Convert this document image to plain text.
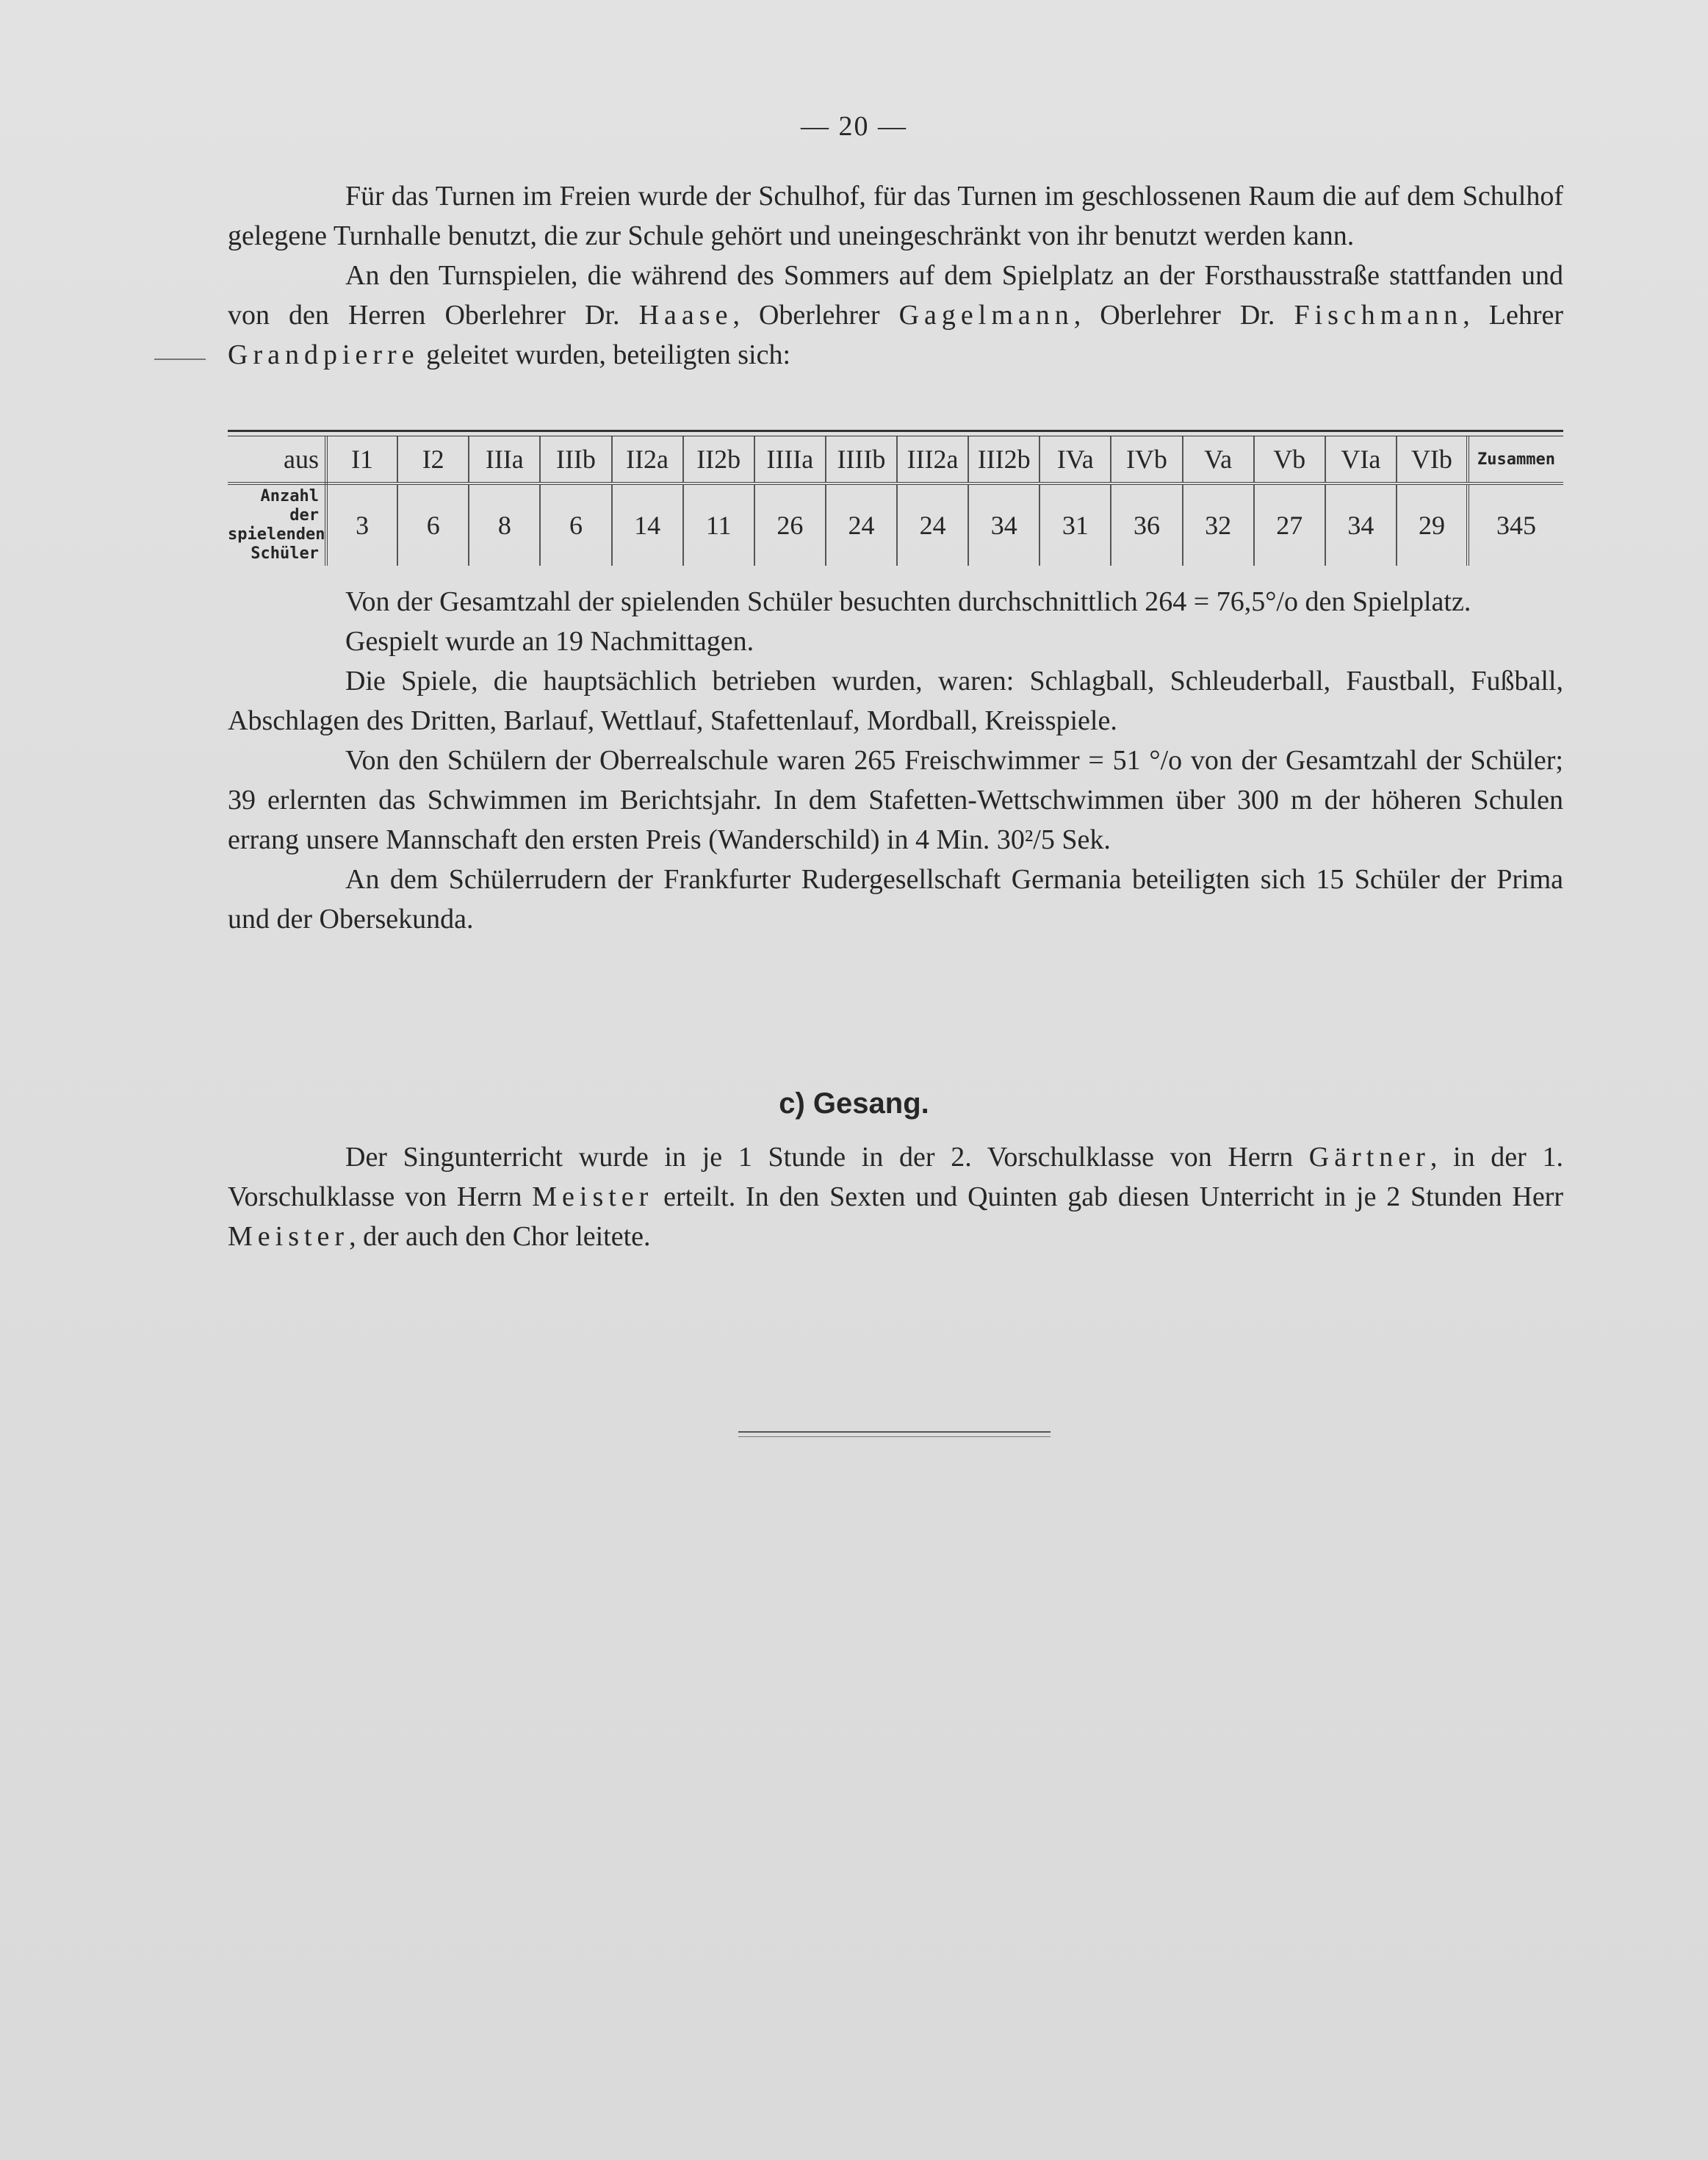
— 20 —

Für das Turnen im Freien wurde der Schulhof, für das Turnen im geschlossenen Raum die auf dem Schulhof gelegene Turnhalle benutzt, die zur Schule gehört und uneingeschränkt von ihr benutzt werden kann.

An den Turnspielen, die während des Sommers auf dem Spielplatz an der Forsthausstraße stattfanden und von den Herren Oberlehrer Dr. Haase, Oberlehrer Gagelmann, Oberlehrer Dr. Fischmann, Lehrer Grandpierre geleitet wurden, beteiligten sich:

aus	I1	I2	IIIa	IIIb	II2a	II2b	IIIIa	IIIIb	III2a	III2b	IVa	IVb	Va	Vb	VIa	VIb	Zusammen
Anzahl der spielenden Schüler	3	6	8	6	14	11	26	24	24	34	31	36	32	27	34	29	345

Von der Gesamtzahl der spielenden Schüler besuchten durchschnittlich 264 = 76,5°/o den Spielplatz.

Gespielt wurde an 19 Nachmittagen.

Die Spiele, die hauptsächlich betrieben wurden, waren: Schlagball, Schleuderball, Faustball, Fußball, Abschlagen des Dritten, Barlauf, Wettlauf, Stafettenlauf, Mordball, Kreisspiele.

Von den Schülern der Oberrealschule waren 265 Freischwimmer = 51 °/o von der Gesamtzahl der Schüler; 39 erlernten das Schwimmen im Berichtsjahr. In dem Stafetten-Wettschwimmen über 300 m der höheren Schulen errang unsere Mannschaft den ersten Preis (Wanderschild) in 4 Min. 30²/5 Sek.

An dem Schülerrudern der Frankfurter Rudergesellschaft Germania beteiligten sich 15 Schüler der Prima und der Obersekunda.

c) Gesang.

Der Singunterricht wurde in je 1 Stunde in der 2. Vorschulklasse von Herrn Gärtner, in der 1. Vorschulklasse von Herrn Meister erteilt. In den Sexten und Quinten gab diesen Unterricht in je 2 Stunden Herr Meister, der auch den Chor leitete.
